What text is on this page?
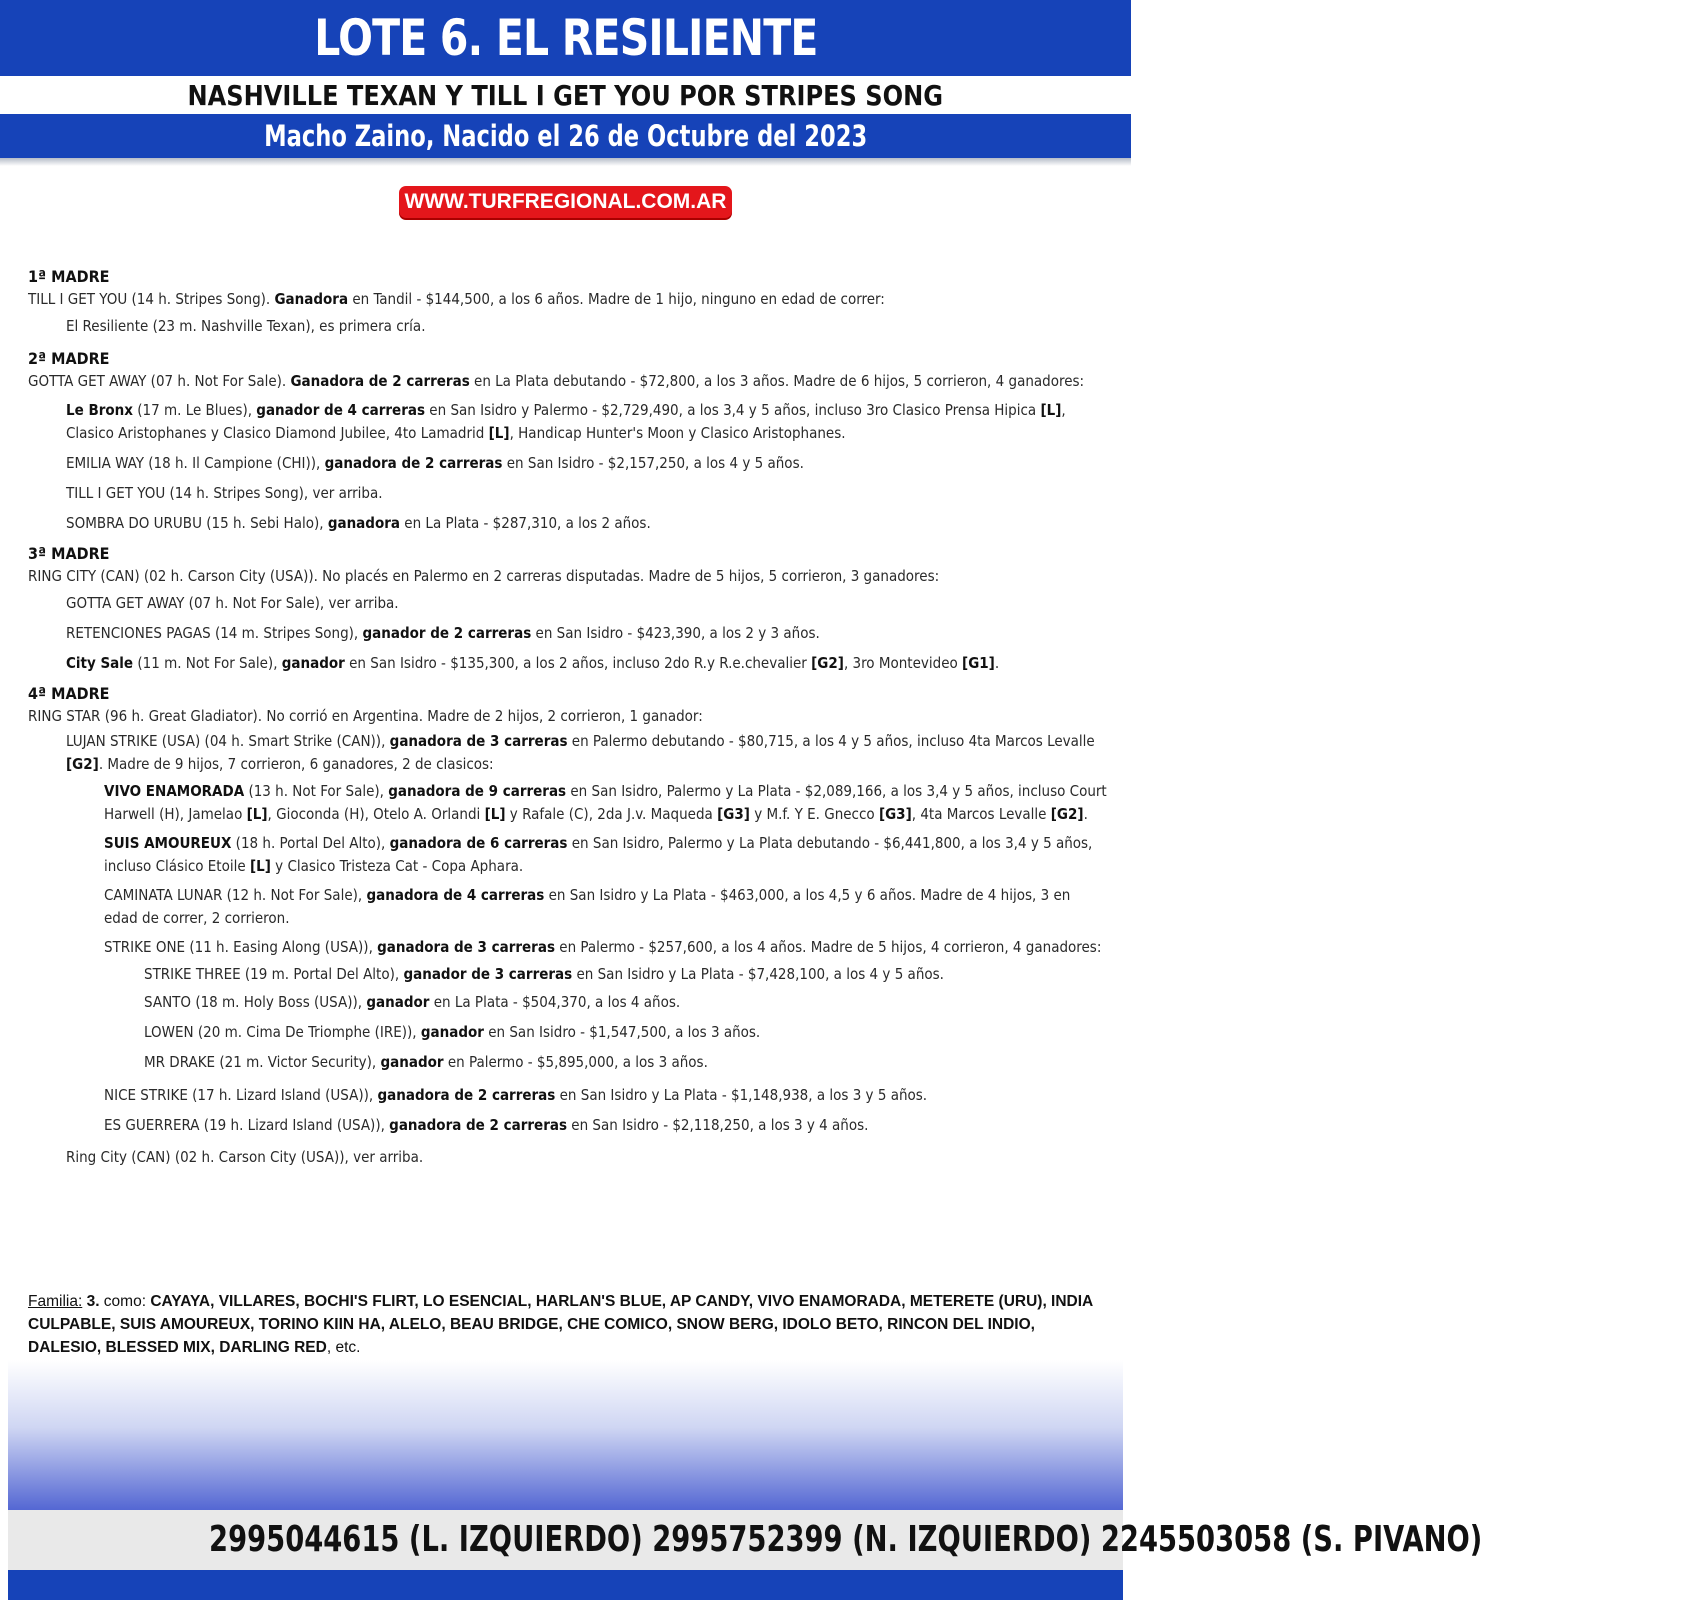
LOTE 6. EL RESILIENTE
NASHVILLE TEXAN Y TILL I GET YOU POR STRIPES SONG
Macho Zaino, Nacido el 26 de Octubre del 2023
WWW.TURFREGIONAL.COM.AR

1ª MADRE

TILL I GET YOU (14 h. Stripes Song). Ganadora en Tandil - $144,500, a los 6 años. Madre de 1 hijo, ninguno en edad de correr:

El Resiliente (23 m. Nashville Texan), es primera cría.

2ª MADRE

GOTTA GET AWAY (07 h. Not For Sale). Ganadora de 2 carreras en La Plata debutando - $72,800, a los 3 años. Madre de 6 hijos, 5 corrieron, 4 ganadores:

Le Bronx (17 m. Le Blues), ganador de 4 carreras en San Isidro y Palermo - $2,729,490, a los 3,4 y 5 años, incluso 3ro Clasico Prensa Hipica [L], Clasico Aristophanes y Clasico Diamond Jubilee, 4to Lamadrid [L], Handicap Hunter's Moon y Clasico Aristophanes.

EMILIA WAY (18 h. Il Campione (CHI)), ganadora de 2 carreras en San Isidro - $2,157,250, a los 4 y 5 años.

TILL I GET YOU (14 h. Stripes Song), ver arriba.

SOMBRA DO URUBU (15 h. Sebi Halo), ganadora en La Plata - $287,310, a los 2 años.

3ª MADRE

RING CITY (CAN) (02 h. Carson City (USA)). No placés en Palermo en 2 carreras disputadas. Madre de 5 hijos, 5 corrieron, 3 ganadores:

GOTTA GET AWAY (07 h. Not For Sale), ver arriba.

RETENCIONES PAGAS (14 m. Stripes Song), ganador de 2 carreras en San Isidro - $423,390, a los 2 y 3 años.

City Sale (11 m. Not For Sale), ganador en San Isidro - $135,300, a los 2 años, incluso 2do R.y R.e.chevalier [G2], 3ro Montevideo [G1].

4ª MADRE

RING STAR (96 h. Great Gladiator). No corrió en Argentina. Madre de 2 hijos, 2 corrieron, 1 ganador:

LUJAN STRIKE (USA) (04 h. Smart Strike (CAN)), ganadora de 3 carreras en Palermo debutando - $80,715, a los 4 y 5 años, incluso 4ta Marcos Levalle [G2]. Madre de 9 hijos, 7 corrieron, 6 ganadores, 2 de clasicos:

VIVO ENAMORADA (13 h. Not For Sale), ganadora de 9 carreras en San Isidro, Palermo y La Plata - $2,089,166, a los 3,4 y 5 años, incluso Court Harwell (H), Jamelao [L], Gioconda (H), Otelo A. Orlandi [L] y Rafale (C), 2da J.v. Maqueda [G3] y M.f. Y E. Gnecco [G3], 4ta Marcos Levalle [G2].

SUIS AMOUREUX (18 h. Portal Del Alto), ganadora de 6 carreras en San Isidro, Palermo y La Plata debutando - $6,441,800, a los 3,4 y 5 años, incluso Clásico Etoile [L] y Clasico Tristeza Cat - Copa Aphara.

CAMINATA LUNAR (12 h. Not For Sale), ganadora de 4 carreras en San Isidro y La Plata - $463,000, a los 4,5 y 6 años. Madre de 4 hijos, 3 en edad de correr, 2 corrieron.

STRIKE ONE (11 h. Easing Along (USA)), ganadora de 3 carreras en Palermo - $257,600, a los 4 años. Madre de 5 hijos, 4 corrieron, 4 ganadores:

STRIKE THREE (19 m. Portal Del Alto), ganador de 3 carreras en San Isidro y La Plata - $7,428,100, a los 4 y 5 años.

SANTO (18 m. Holy Boss (USA)), ganador en La Plata - $504,370, a los 4 años.

LOWEN (20 m. Cima De Triomphe (IRE)), ganador en San Isidro - $1,547,500, a los 3 años.

MR DRAKE (21 m. Victor Security), ganador en Palermo - $5,895,000, a los 3 años.

NICE STRIKE (17 h. Lizard Island (USA)), ganadora de 2 carreras en San Isidro y La Plata - $1,148,938, a los 3 y 5 años.

ES GUERRERA (19 h. Lizard Island (USA)), ganadora de 2 carreras en San Isidro - $2,118,250, a los 3 y 4 años.

Ring City (CAN) (02 h. Carson City (USA)), ver arriba.

Familia: 3. como: CAYAYA, VILLARES, BOCHI'S FLIRT, LO ESENCIAL, HARLAN'S BLUE, AP CANDY, VIVO ENAMORADA, METERETE (URU), INDIA CULPABLE, SUIS AMOUREUX, TORINO KIIN HA, ALELO, BEAU BRIDGE, CHE COMICO, SNOW BERG, IDOLO BETO, RINCON DEL INDIO, DALESIO, BLESSED MIX, DARLING RED, etc.
2995044615 (L. IZQUIERDO) 2995752399 (N. IZQUIERDO) 2245503058 (S. PIVANO)
